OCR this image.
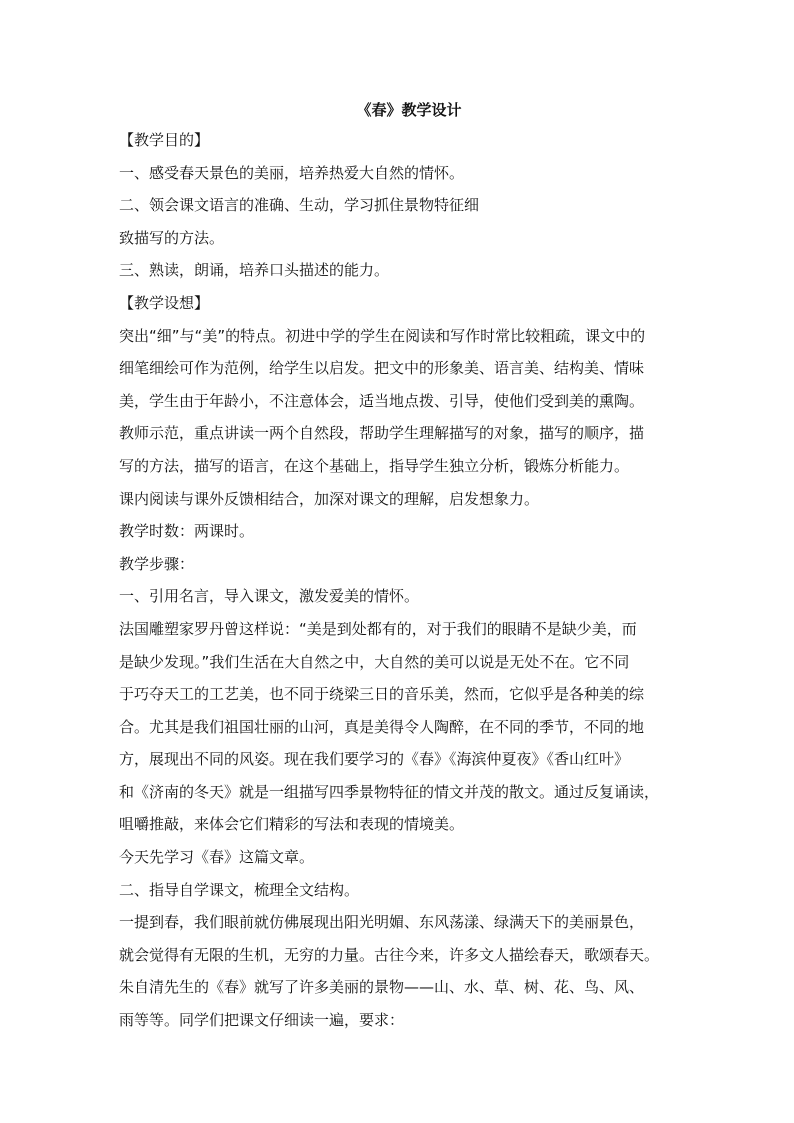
《春》教学设计

【教学目的】

一、感受春天景色的美丽，培养热爱大自然的情怀。

二、领会课文语言的准确、生动，学习抓住景物特征细

致描写的方法。

三、熟读，朗诵，培养口头描述的能力。

【教学设想】

突出“细”与“美”的特点。初进中学的学生在阅读和写作时常比较粗疏，课文中的

细笔细绘可作为范例，给学生以启发。把文中的形象美、语言美、结构美、情味

美，学生由于年龄小，不注意体会，适当地点拨、引导，使他们受到美的熏陶。

教师示范，重点讲读一两个自然段，帮助学生理解描写的对象，描写的顺序，描

写的方法，描写的语言，在这个基础上，指导学生独立分析，锻炼分析能力。

课内阅读与课外反馈相结合，加深对课文的理解，启发想象力。

教学时数：两课时。

教学步骤：

一、引用名言，导入课文，激发爱美的情怀。

法国雕塑家罗丹曾这样说：“美是到处都有的，对于我们的眼睛不是缺少美，而

是缺少发现。”我们生活在大自然之中，大自然的美可以说是无处不在。它不同

于巧夺天工的工艺美，也不同于绕梁三日的音乐美，然而，它似乎是各种美的综

合。尤其是我们祖国壮丽的山河，真是美得令人陶醉，在不同的季节，不同的地

方，展现出不同的风姿。现在我们要学习的《春》《海滨仲夏夜》《香山红叶》

和《济南的冬天》就是一组描写四季景物特征的情文并茂的散文。通过反复诵读，

咀嚼推敲，来体会它们精彩的写法和表现的情境美。

今天先学习《春》这篇文章。

二、指导自学课文，梳理全文结构。

一提到春，我们眼前就仿佛展现出阳光明媚、东风荡漾、绿满天下的美丽景色，

就会觉得有无限的生机，无穷的力量。古往今来，许多文人描绘春天，歌颂春天。

朱自清先生的《春》就写了许多美丽的景物——山、水、草、树、花、鸟、风、

雨等等。同学们把课文仔细读一遍，要求：
